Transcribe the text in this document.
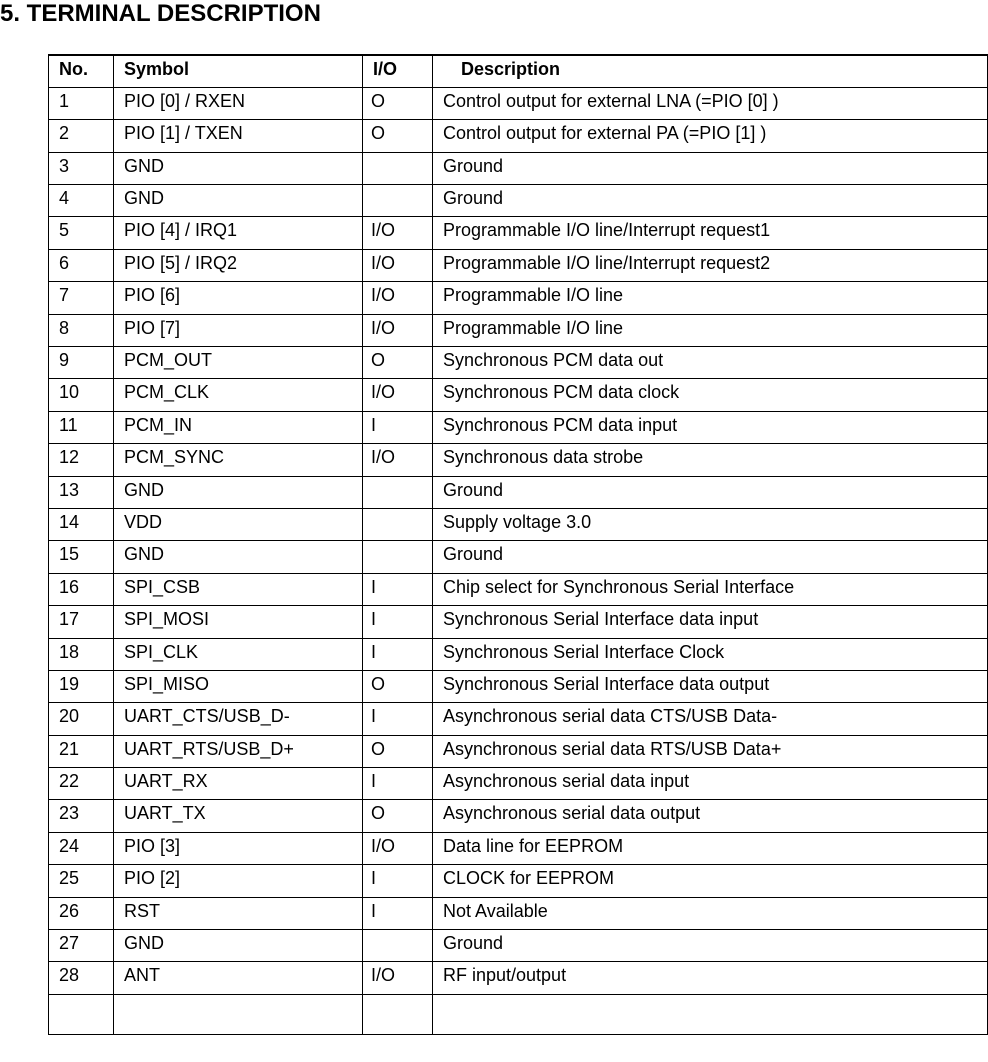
5. TERMINAL DESCRIPTION
No.	Symbol	I/O	Description
1	PIO [0] / RXEN	O	Control output for external LNA (=PIO [0] )
2	PIO [1] / TXEN	O	Control output for external PA (=PIO [1] )
3	GND		Ground
4	GND		Ground
5	PIO [4] / IRQ1	I/O	Programmable I/O line/Interrupt request1
6	PIO [5] / IRQ2	I/O	Programmable I/O line/Interrupt request2
7	PIO [6]	I/O	Programmable I/O line
8	PIO [7]	I/O	Programmable I/O line
9	PCM_OUT	O	Synchronous PCM data out
10	PCM_CLK	I/O	Synchronous PCM data clock
11	PCM_IN	I	Synchronous PCM data input
12	PCM_SYNC	I/O	Synchronous data strobe
13	GND		Ground
14	VDD		Supply voltage 3.0
15	GND		Ground
16	SPI_CSB	I	Chip select for Synchronous Serial Interface
17	SPI_MOSI	I	Synchronous Serial Interface data input
18	SPI_CLK	I	Synchronous Serial Interface Clock
19	SPI_MISO	O	Synchronous Serial Interface data output
20	UART_CTS/USB_D-	I	Asynchronous serial data CTS/USB Data-
21	UART_RTS/USB_D+	O	Asynchronous serial data RTS/USB Data+
22	UART_RX	I	Asynchronous serial data input
23	UART_TX	O	Asynchronous serial data output
24	PIO [3]	I/O	Data line for EEPROM
25	PIO [2]	I	CLOCK for EEPROM
26	RST	I	Not Available
27	GND		Ground
28	ANT	I/O	RF input/output
